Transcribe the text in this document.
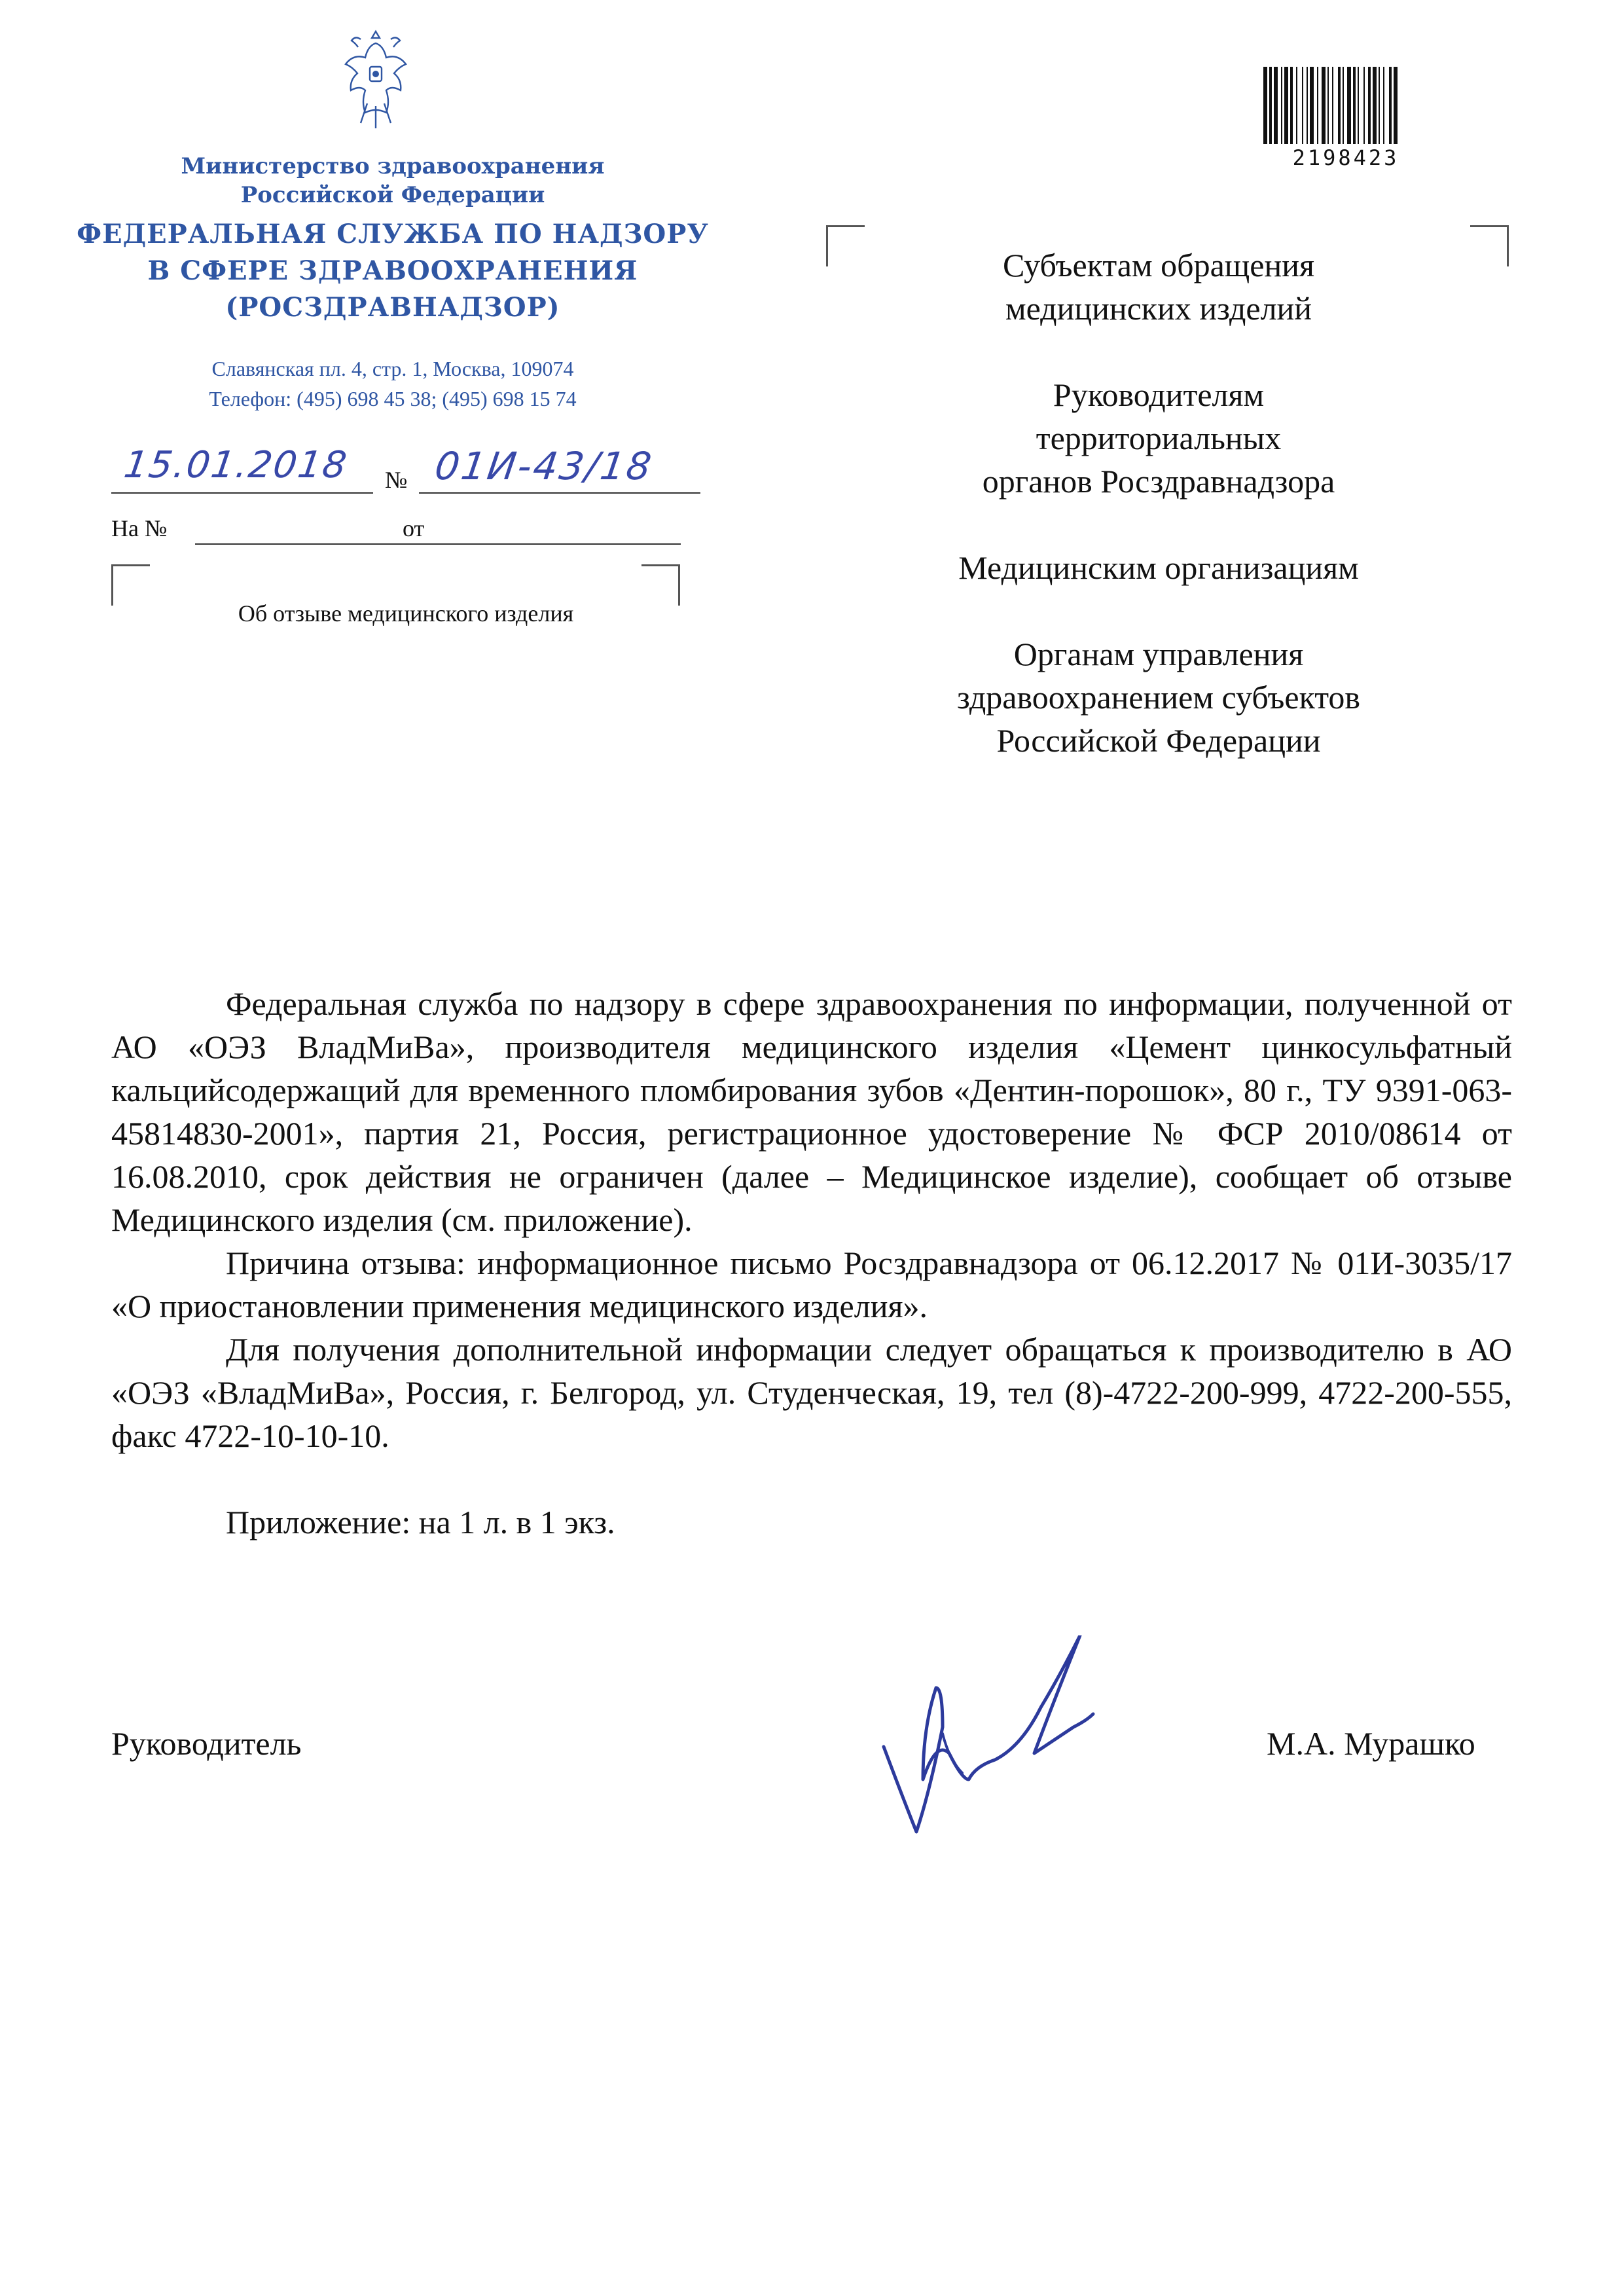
Министерство здравоохранения
Российской Федерации
ФЕДЕРАЛЬНАЯ СЛУЖБА ПО НАДЗОРУ
В СФЕРЕ ЗДРАВООХРАНЕНИЯ
(РОСЗДРАВНАДЗОР)
Славянская пл. 4, стр. 1, Москва, 109074
Телефон: (495) 698 45 38; (495) 698 15 74
15.01.2018 № 01И-43/18
На №	от
Об отзыве медицинского изделия
2198423
Субъектам обращения
медицинских изделий
Руководителям
территориальных
органов Росздравнадзора
Медицинским организациям
Органам управления
здравоохранением субъектов
Российской Федерации

Федеральная служба по надзору в сфере здравоохранения по информации, полученной от АО «ОЭЗ ВладМиВа», производителя медицинского изделия «Цемент цинкосульфатный кальцийсодержащий для временного пломбирования зубов «Дентин-порошок», 80 г., ТУ 9391-063-45814830-2001», партия 21, Россия, регистрационное удостоверение № ФСР 2010/08614 от 16.08.2010, срок действия не ограничен (далее – Медицинское изделие), сообщает об отзыве Медицинского изделия (см. приложение).

Причина отзыва: информационное письмо Росздравнадзора от 06.12.2017 № 01И-3035/17 «О приостановлении применения медицинского изделия».

Для получения дополнительной информации следует обращаться к производителю в АО «ОЭЗ «ВладМиВа», Россия, г. Белгород, ул. Студенческая, 19, тел (8)-4722-200-999, 4722-200-555, факс 4722-10-10-10.

Приложение: на 1 л. в 1 экз.

Руководитель	М.А. Мурашко
